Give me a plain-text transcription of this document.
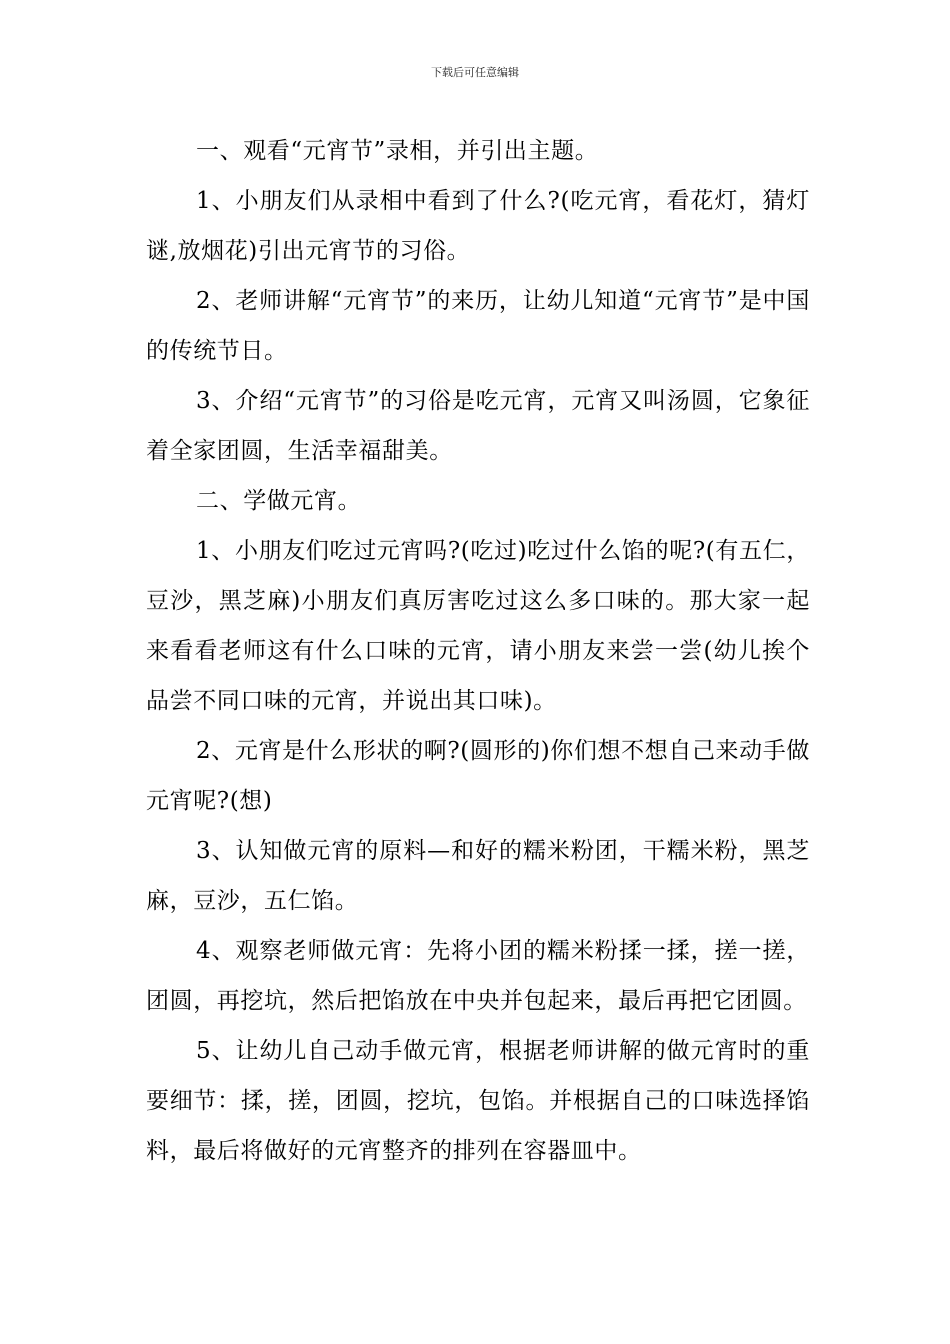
下载后可任意编辑

一、观看“元宵节”录相，并引出主题。

1、小朋友们从录相中看到了什么?(吃元宵，看花灯，猜灯谜,放烟花)引出元宵节的习俗。

2、老师讲解“元宵节”的来历，让幼儿知道“元宵节”是中国的传统节日。

3、介绍“元宵节”的习俗是吃元宵，元宵又叫汤圆，它象征着全家团圆，生活幸福甜美。

二、学做元宵。

1、小朋友们吃过元宵吗?(吃过)吃过什么馅的呢?(有五仁，豆沙，黑芝麻)小朋友们真厉害吃过这么多口味的。那大家一起来看看老师这有什么口味的元宵，请小朋友来尝一尝(幼儿挨个品尝不同口味的元宵，并说出其口味)。

2、元宵是什么形状的啊?(圆形的)你们想不想自己来动手做元宵呢?(想)

3、认知做元宵的原料—和好的糯米粉团，干糯米粉，黑芝麻，豆沙，五仁馅。

4、观察老师做元宵：先将小团的糯米粉揉一揉，搓一搓，团圆，再挖坑，然后把馅放在中央并包起来，最后再把它团圆。

5、让幼儿自己动手做元宵，根据老师讲解的做元宵时的重要细节：揉，搓，团圆，挖坑，包馅。并根据自己的口味选择馅料，最后将做好的元宵整齐的排列在容器皿中。
